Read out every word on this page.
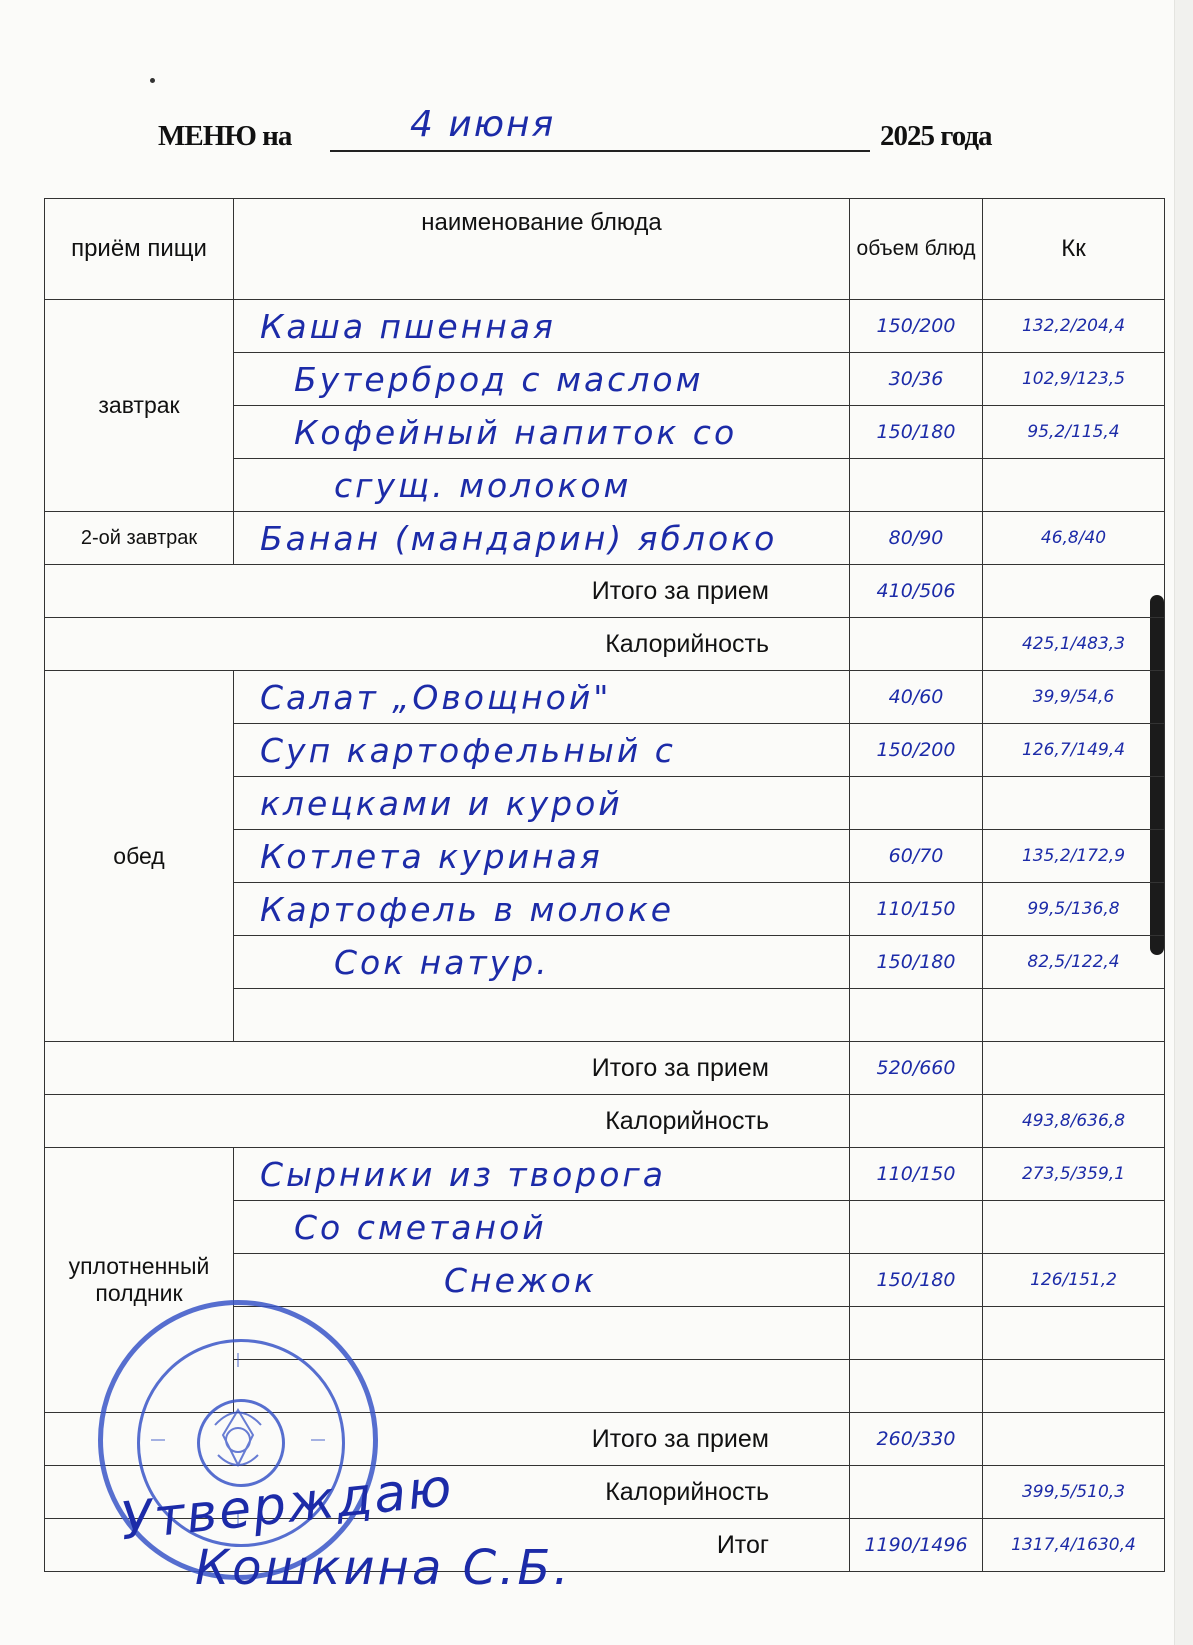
МЕНЮ на	4 июня	2025 года
приём пищи	наименование блюда	объем блюд	Кк
завтрак	Каша пшенная	150/200	132,2/204,4
	Бутерброд с маслом	30/36	102,9/123,5
	Кофейный напиток со	150/180	95,2/115,4
	сгущ. молоком		
2-ой завтрак	Банан (мандарин) яблоко	80/90	46,8/40
Итого за прием		410/506	
Калорийность			425,1/483,3
обед	Салат „Овощной"	40/60	39,9/54,6
	Суп картофельный с	150/200	126,7/149,4
	клецками и курой		
	Котлета куриная	60/70	135,2/172,9
	Картофель в молоке	110/150	99,5/136,8
	Сок натур.	150/180	82,5/122,4

Итого за прием		520/660	
Калорийность			493,8/636,8
уплотненный полдник	Сырники из творога	110/150	273,5/359,1
	Со сметаной		
	Снежок	150/180	126/151,2

Итого за прием		260/330	
Калорийность			399,5/510,3
Итог		1190/1496	1317,4/1630,4
Утверждаю
Кошкина С.Б.
